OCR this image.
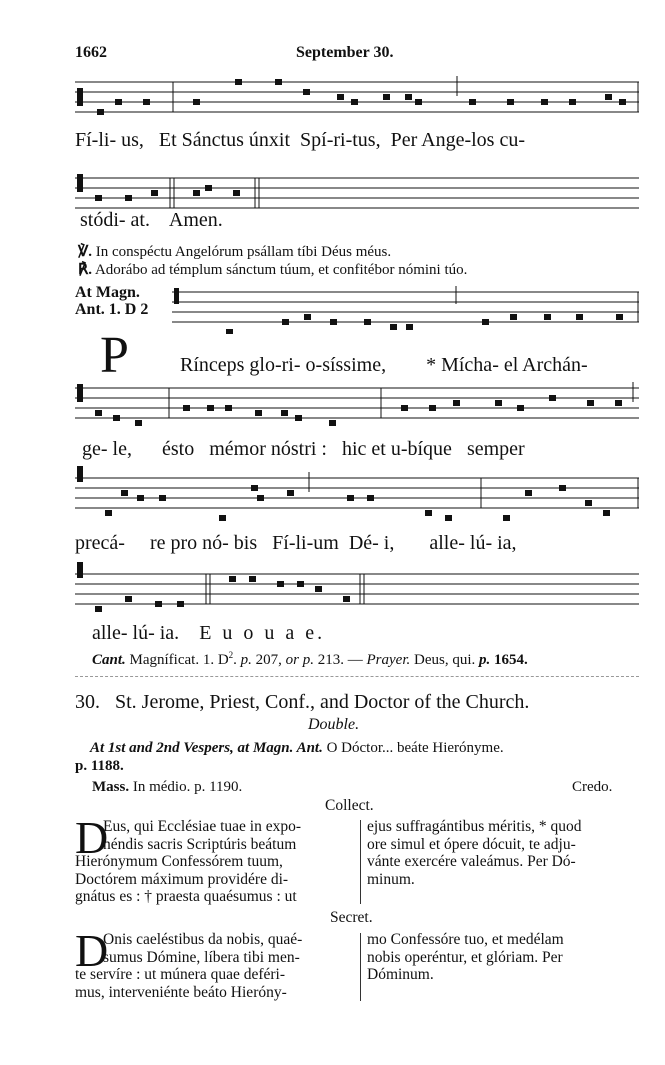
1662	September 30.
Fí-li- us, Et Sánctus únxit Spí-ri-tus, Per Ange-los cu-
stódi- at. Amen.
℣. In conspéctu Angelórum psállam tíbi Déus méus.
℟. Adorábo ad témplum sánctum túum, et confitébor nómini túo.
At Magn.
Ant. 1. D 2
P	Rínceps glo-ri- o-síssime, * Mícha- el Archán-
ge- le, ésto mémor nóstri : hic et u-bíque semper
precá- re pro nó- bis Fí-li-um Dé- i, alle- lú- ia,
alle- lú- ia. E u o u a e.
Cant. Magníficat. 1. $D^2$. p. 207, or p. 213. — Prayer. Deus, qui. p. 1654.
30. St. Jerome, Priest, Conf., and Doctor of the Church.
Double.
At 1st and 2nd Vespers, at Magn. Ant. O Dóctor... beáte Hierónyme.
p. 1188.
Mass. In médio. p. 1190.	Credo.
Collect.
D
Eus, qui Ecclésiae tuae in expo-
néndis sacris Scriptúris beátum
Hierónymum Confessórem tuum,
Doctórem máximum providére di-
gnátus es : † praesta quaésumus : ut
ejus suffragántibus méritis, * quod
ore simul et ópere dócuit, te adju-
vánte exercére valeámus. Per Dó-
minum.
Secret.
D
Onis caeléstibus da nobis, quaé-
sumus Dómine, líbera tibi men-
te servíre : ut múnera quae deféri-
mus, interveniénte beáto Hieróny-
mo Confessóre tuo, et medélam
nobis operéntur, et glóriam. Per
Dóminum.
